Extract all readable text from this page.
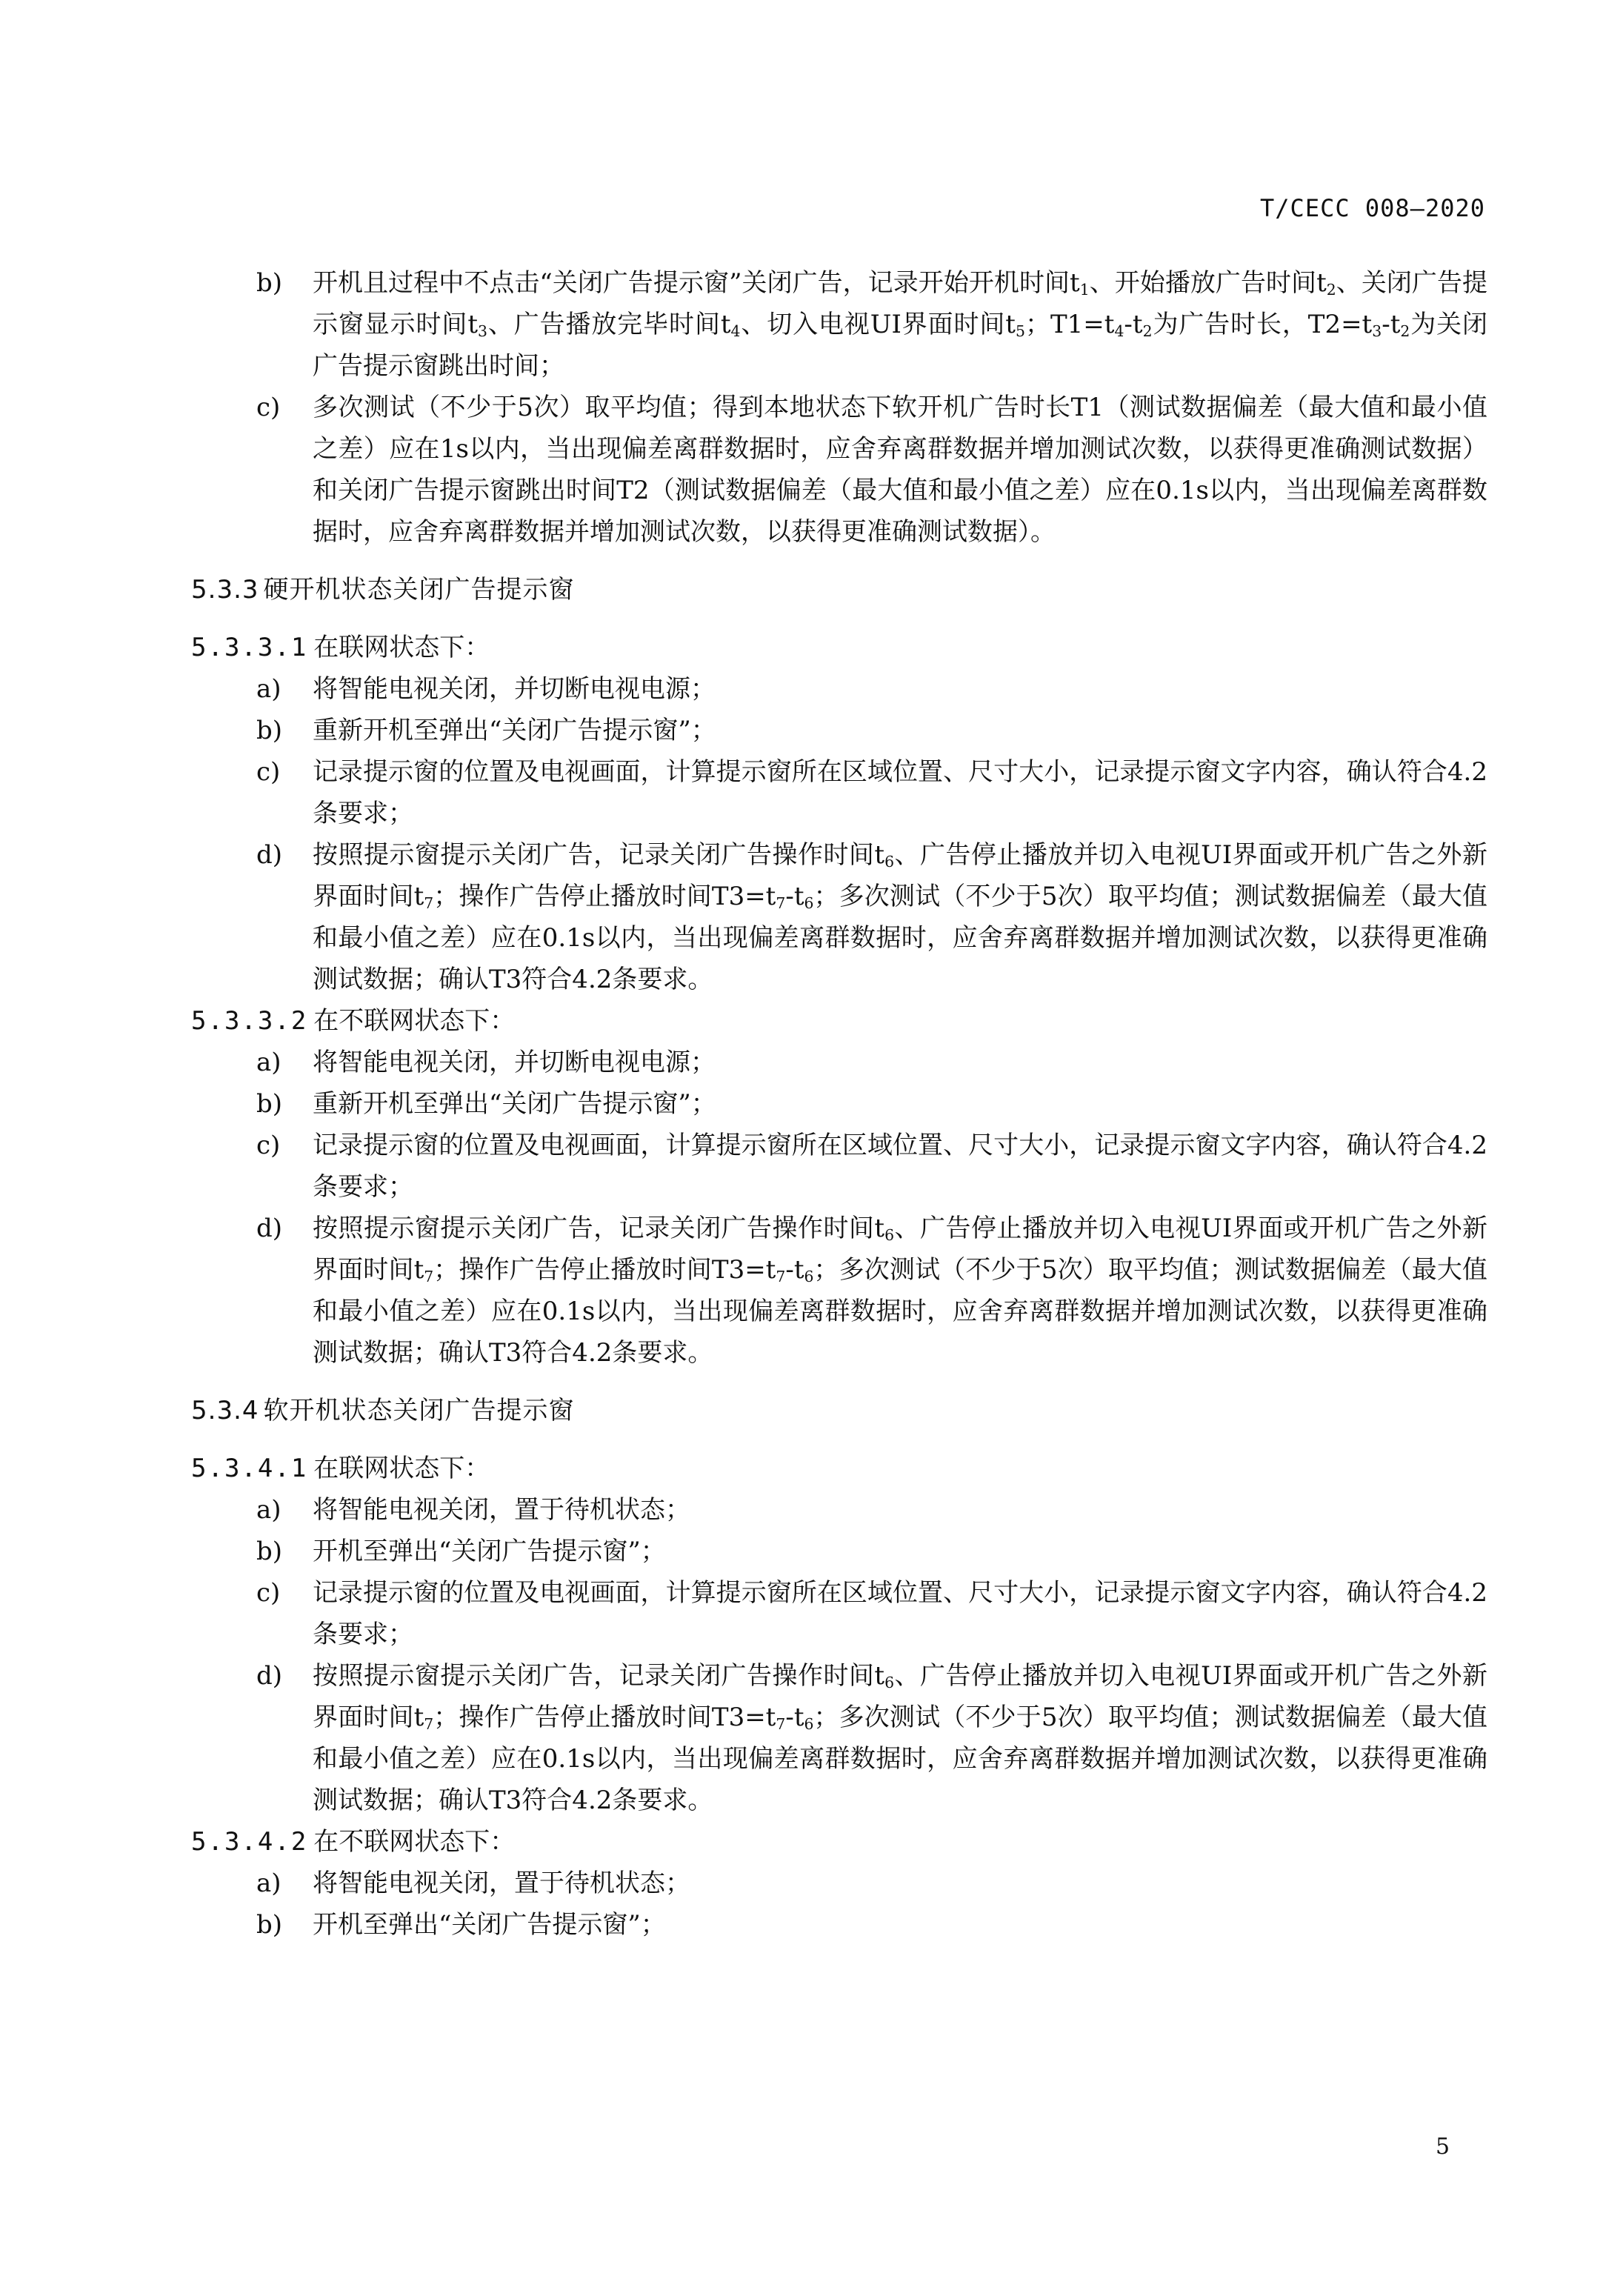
T/CECC 008—2020
b)	开机且过程中不点击“关闭广告提示窗”关闭广告，记录开始开机时间$t_1$、开始播放广告时间$t_2$、关闭广告提示窗显示时间$t_3$、广告播放完毕时间$t_4$、切入电视UI界面时间$t_5$；$T1=t_4-t_2$为广告时长，$T2=t_3-t_2$为关闭广告提示窗跳出时间；
c)	多次测试（不少于5次）取平均值；得到本地状态下软开机广告时长T1（测试数据偏差（最大值和最小值之差）应在1s以内，当出现偏差离群数据时，应舍弃离群数据并增加测试次数，以获得更准确测试数据）和关闭广告提示窗跳出时间T2（测试数据偏差（最大值和最小值之差）应在0.1s以内，当出现偏差离群数据时，应舍弃离群数据并增加测试次数，以获得更准确测试数据）。
5.3.3 硬开机状态关闭广告提示窗
5.3.3.1 在联网状态下：
a)	将智能电视关闭，并切断电视电源；
b)	重新开机至弹出“关闭广告提示窗”；
c)	记录提示窗的位置及电视画面，计算提示窗所在区域位置、尺寸大小，记录提示窗文字内容，确认符合4.2条要求；
d)	按照提示窗提示关闭广告，记录关闭广告操作时间$t_6$、广告停止播放并切入电视UI界面或开机广告之外新界面时间$t_7$；操作广告停止播放时间$T3=t_7-t_6$；多次测试（不少于5次）取平均值；测试数据偏差（最大值和最小值之差）应在0.1s以内，当出现偏差离群数据时，应舍弃离群数据并增加测试次数，以获得更准确测试数据；确认T3符合4.2条要求。
5.3.3.2 在不联网状态下：
a)	将智能电视关闭，并切断电视电源；
b)	重新开机至弹出“关闭广告提示窗”；
c)	记录提示窗的位置及电视画面，计算提示窗所在区域位置、尺寸大小，记录提示窗文字内容，确认符合4.2条要求；
d)	按照提示窗提示关闭广告，记录关闭广告操作时间$t_6$、广告停止播放并切入电视UI界面或开机广告之外新界面时间$t_7$；操作广告停止播放时间$T3=t_7-t_6$；多次测试（不少于5次）取平均值；测试数据偏差（最大值和最小值之差）应在0.1s以内，当出现偏差离群数据时，应舍弃离群数据并增加测试次数，以获得更准确测试数据；确认T3符合4.2条要求。
5.3.4 软开机状态关闭广告提示窗
5.3.4.1 在联网状态下：
a)	将智能电视关闭，置于待机状态；
b)	开机至弹出“关闭广告提示窗”；
c)	记录提示窗的位置及电视画面，计算提示窗所在区域位置、尺寸大小，记录提示窗文字内容，确认符合4.2条要求；
d)	按照提示窗提示关闭广告，记录关闭广告操作时间$t_6$、广告停止播放并切入电视UI界面或开机广告之外新界面时间$t_7$；操作广告停止播放时间$T3=t_7-t_6$；多次测试（不少于5次）取平均值；测试数据偏差（最大值和最小值之差）应在0.1s以内，当出现偏差离群数据时，应舍弃离群数据并增加测试次数，以获得更准确测试数据；确认T3符合4.2条要求。
5.3.4.2 在不联网状态下：
a)	将智能电视关闭，置于待机状态；
b)	开机至弹出“关闭广告提示窗”；
5
